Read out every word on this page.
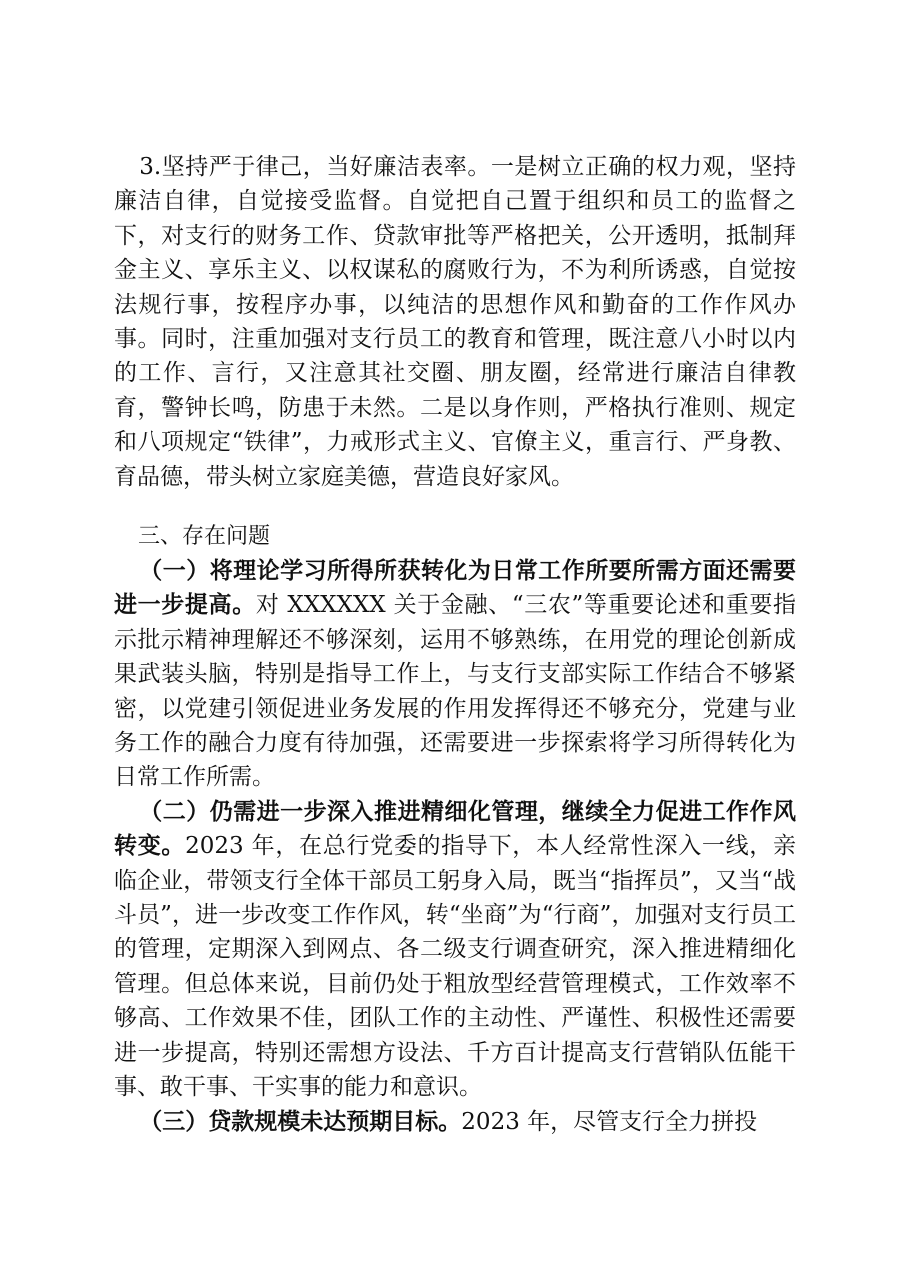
3.坚持严于律己，当好廉洁表率。一是树立正确的权力观，坚持廉洁自律，自觉接受监督。自觉把自己置于组织和员工的监督之下，对支行的财务工作、贷款审批等严格把关，公开透明，抵制拜金主义、享乐主义、以权谋私的腐败行为，不为利所诱惑，自觉按法规行事，按程序办事，以纯洁的思想作风和勤奋的工作作风办事。同时，注重加强对支行员工的教育和管理，既注意八小时以内的工作、言行，又注意其社交圈、朋友圈，经常进行廉洁自律教育，警钟长鸣，防患于未然。二是以身作则，严格执行准则、规定和八项规定“铁律”，力戒形式主义、官僚主义，重言行、严身教、育品德，带头树立家庭美德，营造良好家风。

三、存在问题

（一）将理论学习所得所获转化为日常工作所要所需方面还需要进一步提高。对 XXXXXX 关于金融、“三农”等重要论述和重要指示批示精神理解还不够深刻，运用不够熟练，在用党的理论创新成果武装头脑，特别是指导工作上，与支行支部实际工作结合不够紧密，以党建引领促进业务发展的作用发挥得还不够充分，党建与业务工作的融合力度有待加强，还需要进一步探索将学习所得转化为日常工作所需。

（二）仍需进一步深入推进精细化管理，继续全力促进工作作风转变。2023 年，在总行党委的指导下，本人经常性深入一线，亲临企业，带领支行全体干部员工躬身入局，既当“指挥员”，又当“战斗员”，进一步改变工作作风，转“坐商”为“行商”，加强对支行员工的管理，定期深入到网点、各二级支行调查研究，深入推进精细化管理。但总体来说，目前仍处于粗放型经营管理模式，工作效率不够高、工作效果不佳，团队工作的主动性、严谨性、积极性还需要进一步提高，特别还需想方设法、千方百计提高支行营销队伍能干事、敢干事、干实事的能力和意识。

（三）贷款规模未达预期目标。2023 年，尽管支行全力拼投
